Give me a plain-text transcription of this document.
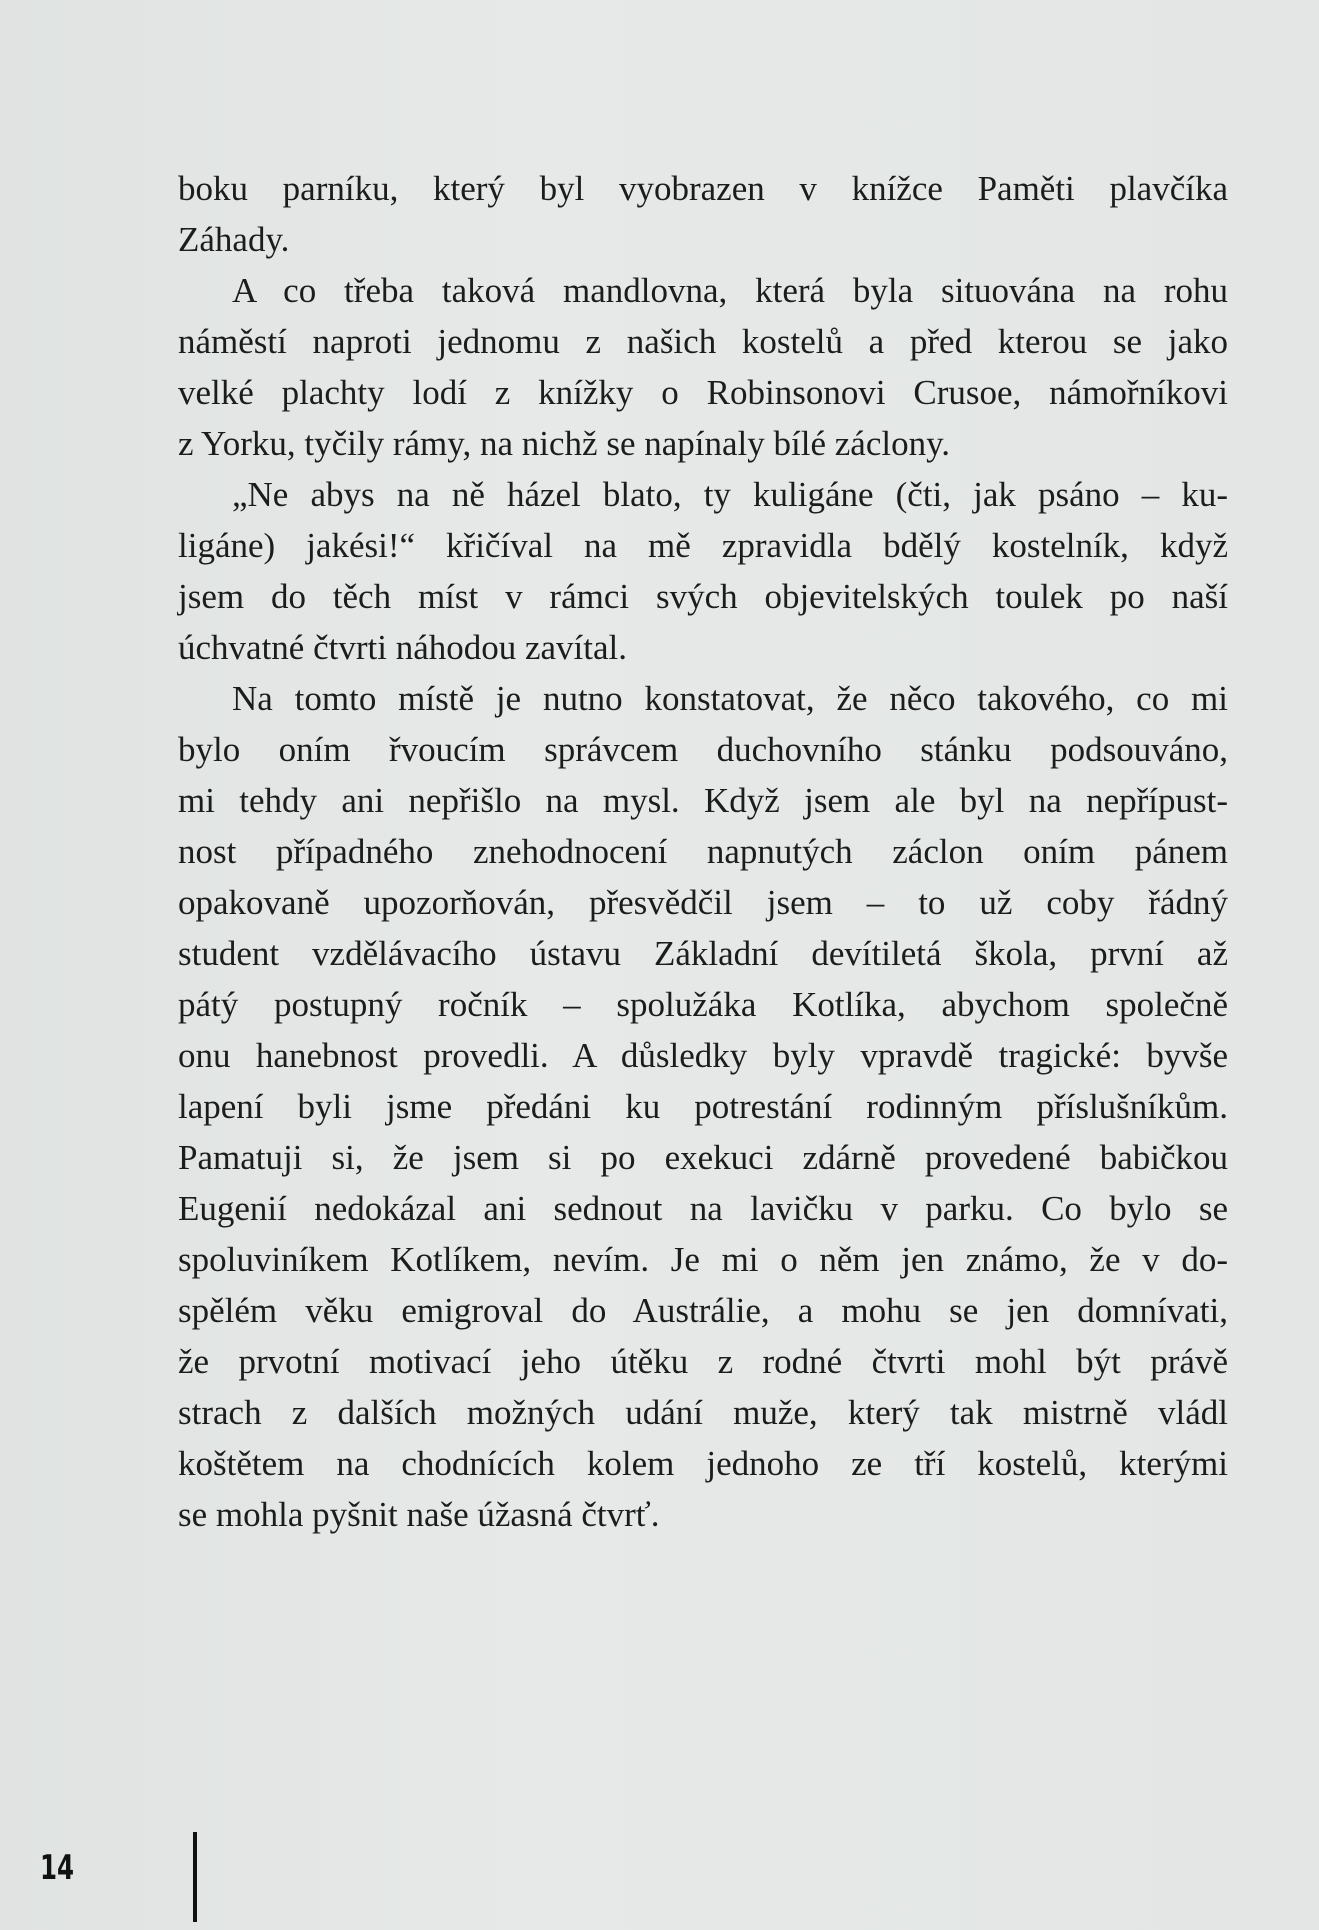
boku parníku, který byl vyobrazen v knížce Paměti plavčíka
Záhady.
A co třeba taková mandlovna, která byla situována na rohu
náměstí naproti jednomu z našich kostelů a před kterou se jako
velké plachty lodí z knížky o Robinsonovi Crusoe, námořníkovi
z Yorku, tyčily rámy, na nichž se napínaly bílé záclony.
„Ne abys na ně házel blato, ty kuligáne (čti, jak psáno – ku-
ligáne) jakési!“ křičíval na mě zpravidla bdělý kostelník, když
jsem do těch míst v rámci svých objevitelských toulek po naší
úchvatné čtvrti náhodou zavítal.
Na tomto místě je nutno konstatovat, že něco takového, co mi
bylo oním řvoucím správcem duchovního stánku podsouváno,
mi tehdy ani nepřišlo na mysl. Když jsem ale byl na nepřípust-
nost případného znehodnocení napnutých záclon oním pánem
opakovaně upozorňován, přesvědčil jsem – to už coby řádný
student vzdělávacího ústavu Základní devítiletá škola, první až
pátý postupný ročník – spolužáka Kotlíka, abychom společně
onu hanebnost provedli. A důsledky byly vpravdě tragické: byvše
lapení byli jsme předáni ku potrestání rodinným příslušníkům.
Pamatuji si, že jsem si po exekuci zdárně provedené babičkou
Eugenií nedokázal ani sednout na lavičku v parku. Co bylo se
spoluviníkem Kotlíkem, nevím. Je mi o něm jen známo, že v do-
spělém věku emigroval do Austrálie, a mohu se jen domnívati,
že prvotní motivací jeho útěku z rodné čtvrti mohl být právě
strach z dalších možných udání muže, který tak mistrně vládl
koštětem na chodnících kolem jednoho ze tří kostelů, kterými
se mohla pyšnit naše úžasná čtvrť.
14
